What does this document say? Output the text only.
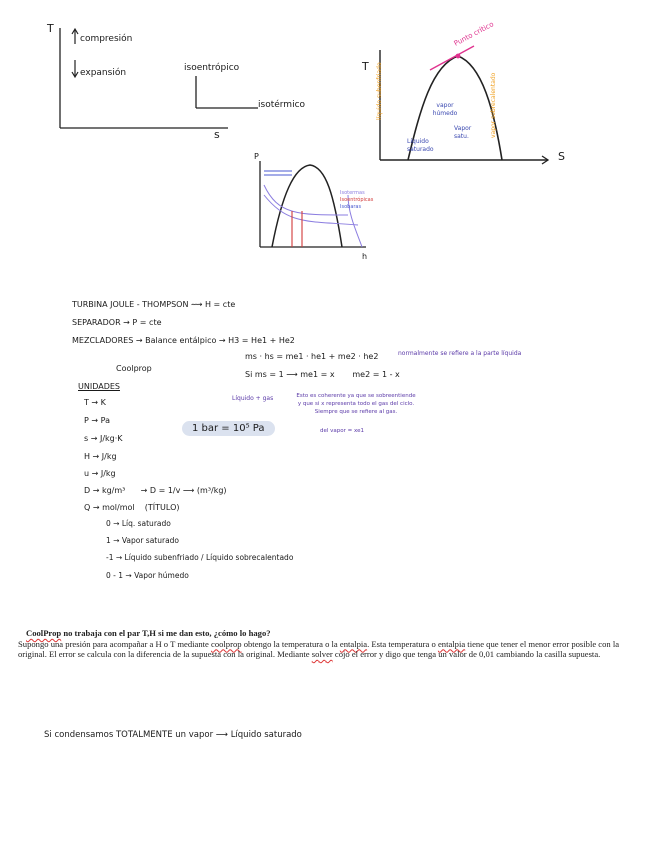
T
compresión
expansión	isoentrópico
isotérmico
s
T
S
Punto crítico
vapor húmedo
Líquido saturado
Vapor satu.
líquido subenfriado	vapor sobrecalentado
P
h
Isotermas
Isoentrópicas
Isobaras
TURBINA JOULE - THOMPSON ⟿ H = cte
SEPARADOR → P = cte
MEZCLADORES → Balance entálpico → H3 = He1 + He2
ms · hs = me1 · he1 + me2 · he2	normalmente se refiere a la parte líquida
Coolprop
Si ms = 1 ⟶ me1 = x me2 = 1 - x
UNIDADES
Líquido + gas	Esto es coherente ya que se sobreentiende y que si x representa todo el gas del ciclo. Siempre que se refiere al gas.
del vapor = xe1
T → K
P → Pa
1 bar = 10⁵ Pa
s → J/kg·K
H → J/kg
u → J/kg
D → kg/m³ → D = 1/v ⟶ (m³/kg)
Q → mol/mol (TÍTULO)
0 → Líq. saturado
1 → Vapor saturado
-1 → Líquido subenfriado / Líquido sobrecalentado
0 - 1 → Vapor húmedo
CoolProp no trabaja con el par T,H si me dan esto, ¿cómo lo hago?
Supongo una presión para acompañar a H o T mediante coolprop obtengo la temperatura o la entalpia. Esta temperatura o entalpia tiene que tener el menor error posible con la original. El error se calcula con la diferencia de la supuesta con la original. Mediante solver cojo el error y digo que tenga un valor de 0,01 cambiando la casilla supuesta.
Si condensamos TOTALMENTE un vapor ⟶ Líquido saturado
